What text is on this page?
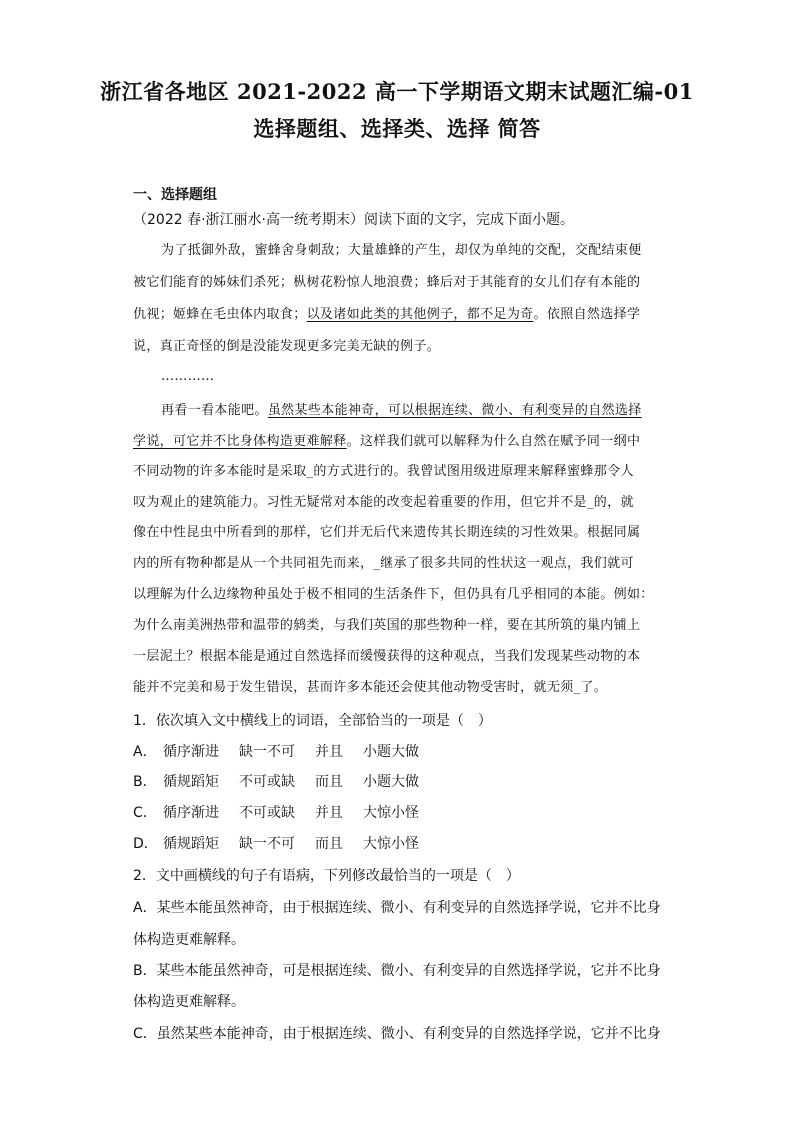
浙江省各地区 2021-2022 高一下学期语文期末试题汇编-01
选择题组、选择类、选择 简答
一、选择题组
（2022 春·浙江丽水·高一统考期末）阅读下面的文字，完成下面小题。
为了抵御外敌，蜜蜂舍身刺敌；大量雄蜂的产生，却仅为单纯的交配，交配结束便
被它们能育的姊妹们杀死；枞树花粉惊人地浪费；蜂后对于其能育的女儿们存有本能的
仇视；姬蜂在毛虫体内取食；以及诸如此类的其他例子，都不足为奇。依照自然选择学
说，真正奇怪的倒是没能发现更多完美无缺的例子。
…………
再看一看本能吧。虽然某些本能神奇，可以根据连续、微小、有利变异的自然选择
学说，可它并不比身体构造更难解释。这样我们就可以解释为什么自然在赋予同一纲中
不同动物的许多本能时是采取_的方式进行的。我曾试图用级进原理来解释蜜蜂那令人
叹为观止的建筑能力。习性无疑常对本能的改变起着重要的作用，但它并不是_的，就
像在中性昆虫中所看到的那样，它们并无后代来遗传其长期连续的习性效果。根据同属
内的所有物种都是从一个共同祖先而来，_继承了很多共同的性状这一观点，我们就可
以理解为什么边缘物种虽处于极不相同的生活条件下，但仍具有几乎相同的本能。例如：
为什么南美洲热带和温带的鸫类，与我们英国的那些物种一样，要在其所筑的巢内铺上
一层泥土？根据本能是通过自然选择而缓慢获得的这种观点，当我们发现某些动物的本
能并不完美和易于发生错误，甚而许多本能还会使其他动物受害时，就无须_了。
1．依次填入文中横线上的词语，全部恰当的一项是（　）
A． 循序渐进 缺一不可 并且 小题大做
B． 循规蹈矩 不可或缺 而且 小题大做
C． 循序渐进 不可或缺 并且 大惊小怪
D． 循规蹈矩 缺一不可 而且 大惊小怪
2．文中画横线的句子有语病，下列修改最恰当的一项是（　）
A．某些本能虽然神奇，由于根据连续、微小、有利变异的自然选择学说，它并不比身
体构造更难解释。
B．某些本能虽然神奇，可是根据连续、微小、有利变异的自然选择学说，它并不比身
体构造更难解释。
C．虽然某些本能神奇，由于根据连续、微小、有利变异的自然选择学说，它并不比身
